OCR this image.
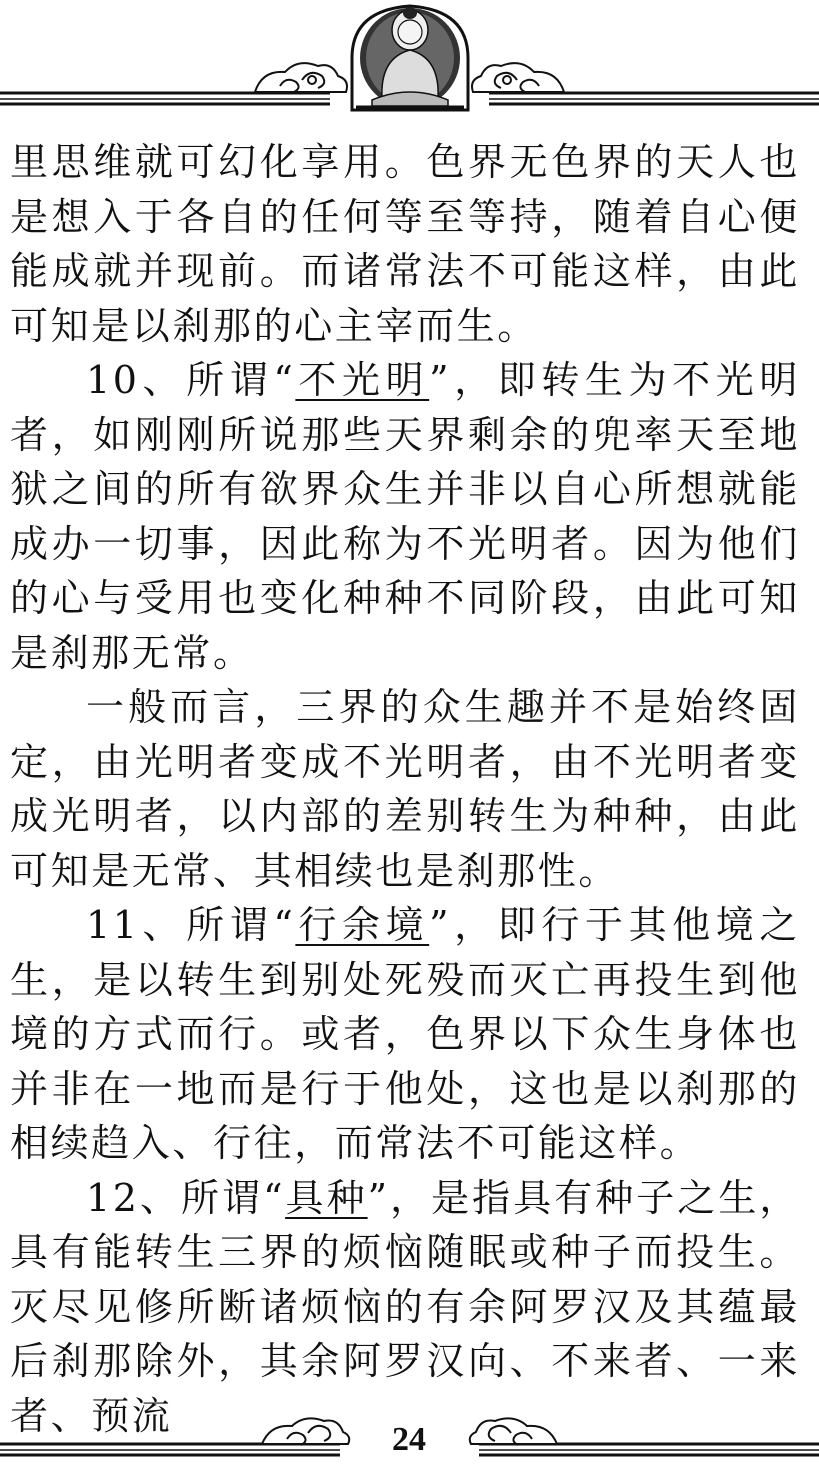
里思维就可幻化享用。色界无色界的天人也是想入于各自的任何等至等持，随着自心便能成就并现前。而诸常法不可能这样，由此可知是以刹那的心主宰而生。

10、所谓“不光明”，即转生为不光明者，如刚刚所说那些天界剩余的兜率天至地狱之间的所有欲界众生并非以自心所想就能成办一切事，因此称为不光明者。因为他们的心与受用也变化种种不同阶段，由此可知是刹那无常。

一般而言，三界的众生趣并不是始终固定，由光明者变成不光明者，由不光明者变成光明者，以内部的差别转生为种种，由此可知是无常、其相续也是刹那性。

11、所谓“行余境”，即行于其他境之生，是以转生到别处死殁而灭亡再投生到他境的方式而行。或者，色界以下众生身体也并非在一地而是行于他处，这也是以刹那的相续趋入、行往，而常法不可能这样。

12、所谓“具种”，是指具有种子之生，具有能转生三界的烦恼随眠或种子而投生。灭尽见修所断诸烦恼的有余阿罗汉及其蕴最后刹那除外，其余阿罗汉向、不来者、一来者、预流

24
